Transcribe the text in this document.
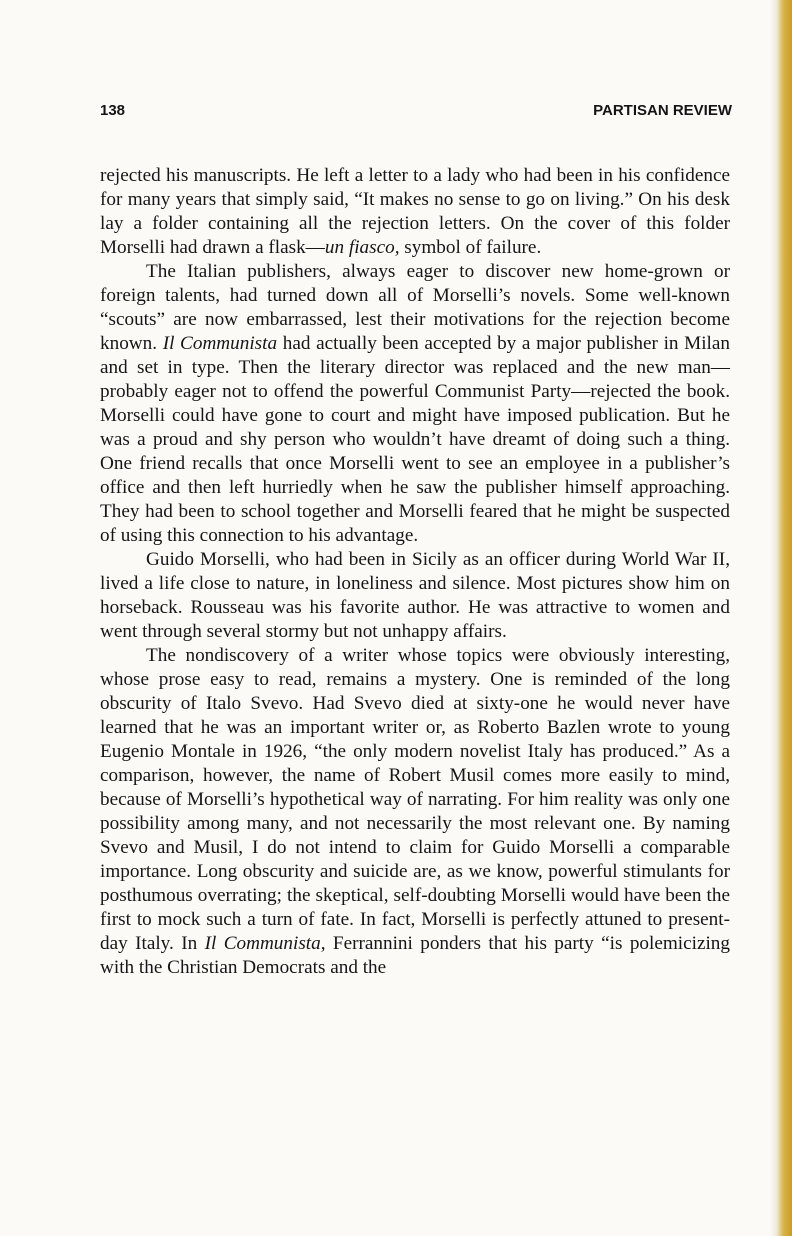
138	PARTISAN REVIEW

rejected his manuscripts. He left a letter to a lady who had been in his confidence for many years that simply said, “It makes no sense to go on living.” On his desk lay a folder containing all the rejection letters. On the cover of this folder Morselli had drawn a flask—un fiasco, symbol of failure.

The Italian publishers, always eager to discover new home-grown or foreign talents, had turned down all of Morselli’s novels. Some well-known “scouts” are now embarrassed, lest their motivations for the rejection become known. Il Communista had actually been accepted by a major publisher in Milan and set in type. Then the literary director was replaced and the new man—probably eager not to offend the powerful Communist Party—rejected the book. Morselli could have gone to court and might have imposed publication. But he was a proud and shy person who wouldn’t have dreamt of doing such a thing. One friend recalls that once Morselli went to see an employee in a publisher’s office and then left hurriedly when he saw the publisher himself approaching. They had been to school together and Morselli feared that he might be suspected of using this connection to his advantage.

Guido Morselli, who had been in Sicily as an officer during World War II, lived a life close to nature, in loneliness and silence. Most pictures show him on horseback. Rousseau was his favorite author. He was attractive to women and went through several stormy but not unhappy affairs.

The nondiscovery of a writer whose topics were obviously interesting, whose prose easy to read, remains a mystery. One is reminded of the long obscurity of Italo Svevo. Had Svevo died at sixty-one he would never have learned that he was an important writer or, as Roberto Bazlen wrote to young Eugenio Montale in 1926, “the only modern novelist Italy has produced.” As a comparison, however, the name of Robert Musil comes more easily to mind, because of Morselli’s hypothetical way of narrating. For him reality was only one possibility among many, and not necessarily the most relevant one. By naming Svevo and Musil, I do not intend to claim for Guido Morselli a comparable importance. Long obscurity and suicide are, as we know, powerful stimulants for posthumous overrating; the skeptical, self-doubting Morselli would have been the first to mock such a turn of fate. In fact, Morselli is perfectly attuned to present-day Italy. In Il Communista, Ferrannini ponders that his party “is polemicizing with the Christian Democrats and the
